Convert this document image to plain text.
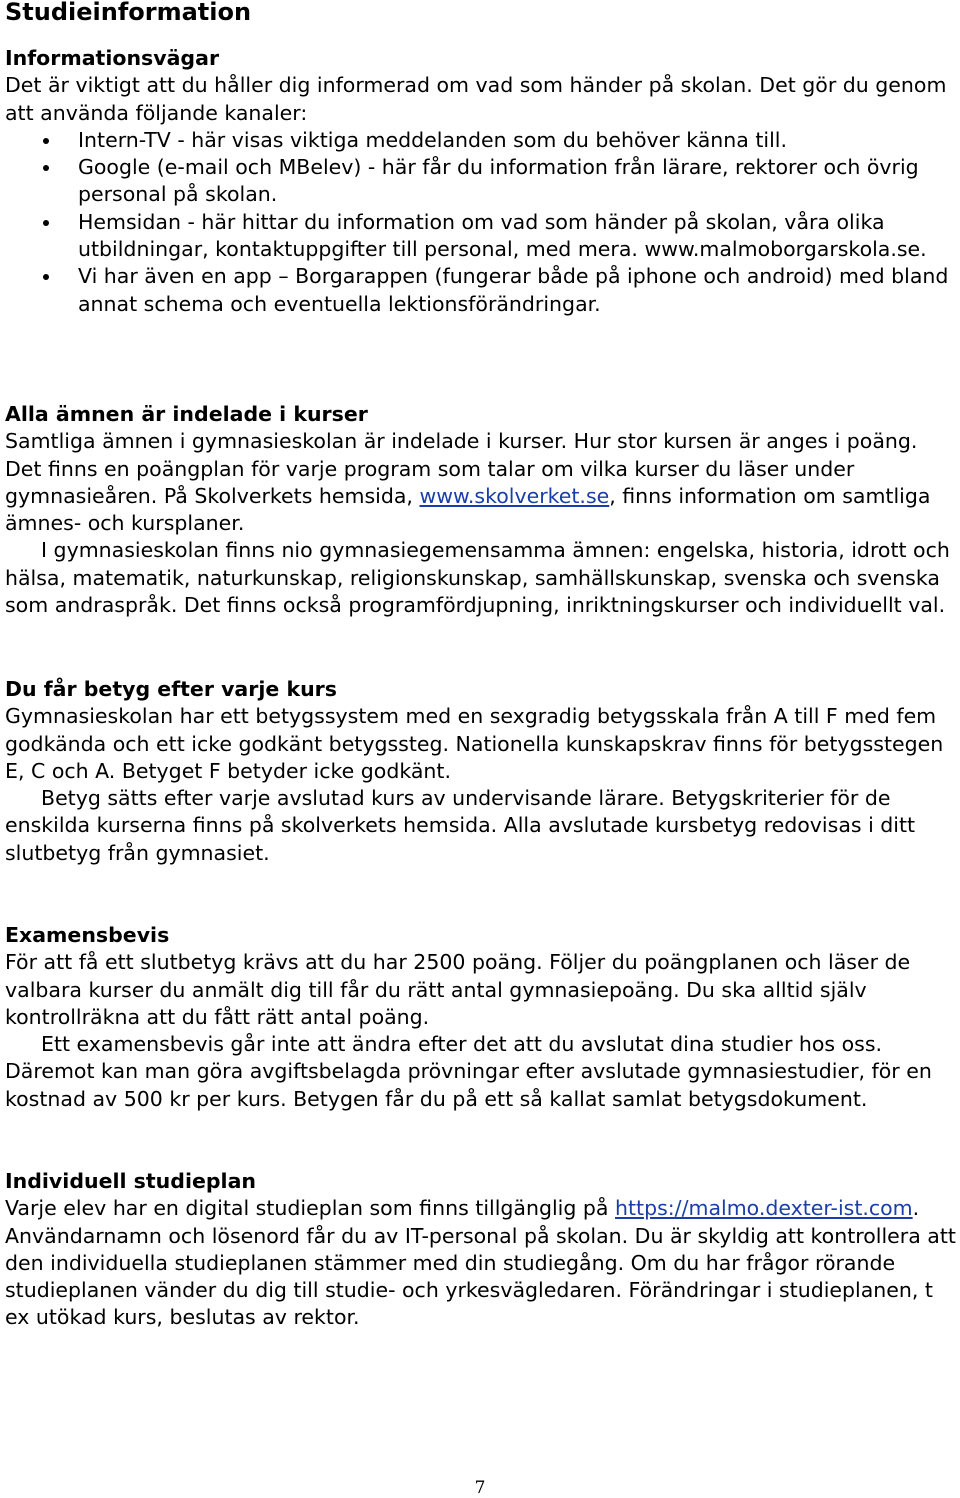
Studieinformation
Informationsvägar

Det är viktigt att du håller dig informerad om vad som händer på skolan. Det gör du genom att använda följande kanaler:

Intern-TV - här visas viktiga meddelanden som du behöver känna till.
Google (e-mail och MBelev) - här får du information från lärare, rektorer och övrig personal på skolan.
Hemsidan - här hittar du information om vad som händer på skolan, våra olika utbildningar, kontaktuppgifter till personal, med mera. www.malmoborgarskola.se.
Vi har även en app – Borgarappen (fungerar både på iphone och android) med bland annat schema och eventuella lektionsförändringar.
Alla ämnen är indelade i kurser

Samtliga ämnen i gymnasieskolan är indelade i kurser. Hur stor kursen är anges i poäng. Det finns en poängplan för varje program som talar om vilka kurser du läser under gymnasieåren. På Skolverkets hemsida, www.skolverket.se, finns information om samtliga ämnes- och kursplaner.

I gymnasieskolan finns nio gymnasiegemensamma ämnen: engelska, historia, idrott och hälsa, matematik, naturkunskap, religionskunskap, samhällskunskap, svenska och svenska som andraspråk. Det finns också programfördjupning, inriktningskurser och individuellt val.

Du får betyg efter varje kurs

Gymnasieskolan har ett betygssystem med en sexgradig betygsskala från A till F med fem godkända och ett icke godkänt betygssteg. Nationella kunskapskrav finns för betygsstegen E, C och A. Betyget F betyder icke godkänt.

Betyg sätts efter varje avslutad kurs av undervisande lärare. Betygskriterier för de enskilda kurserna finns på skolverkets hemsida. Alla avslutade kursbetyg redovisas i ditt slutbetyg från gymnasiet.

Examensbevis

För att få ett slutbetyg krävs att du har 2500 poäng. Följer du poängplanen och läser de valbara kurser du anmält dig till får du rätt antal gymnasiepoäng. Du ska alltid själv kontrollräkna att du fått rätt antal poäng.

Ett examensbevis går inte att ändra efter det att du avslutat dina studier hos oss. Däremot kan man göra avgiftsbelagda prövningar efter avslutade gymnasiestudier, för en kostnad av 500 kr per kurs. Betygen får du på ett så kallat samlat betygsdokument.

Individuell studieplan

Varje elev har en digital studieplan som finns tillgänglig på https://malmo.dexter-ist.com. Användarnamn och lösenord får du av IT-personal på skolan. Du är skyldig att kontrollera att den individuella studieplanen stämmer med din studiegång. Om du har frågor rörande studieplanen vänder du dig till studie- och yrkesvägledaren. Förändringar i studieplanen, t ex utökad kurs, beslutas av rektor.

7
